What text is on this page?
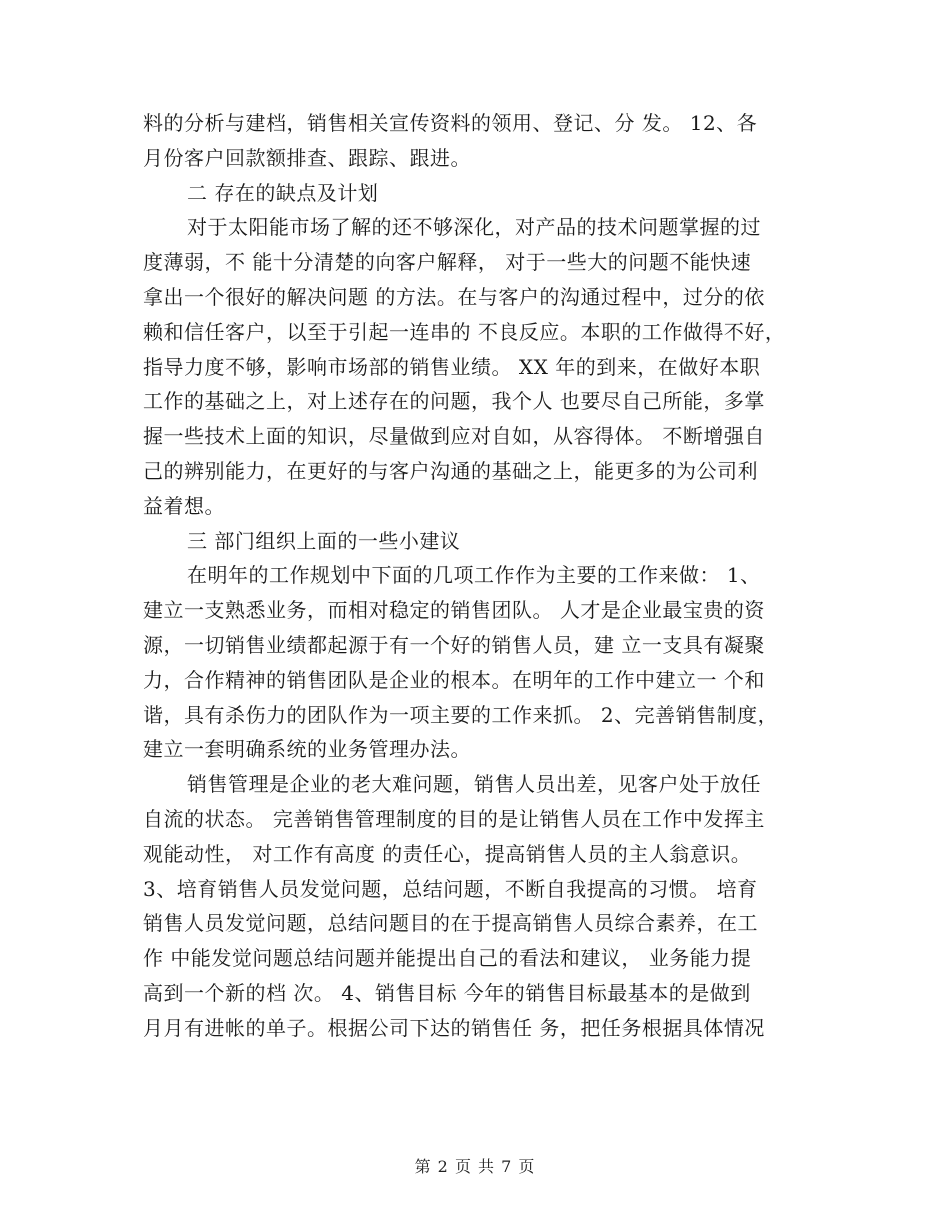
料的分析与建档，销售相关宣传资料的领用、登记、分 发。 12、各
月份客户回款额排查、跟踪、跟进。
二 存在的缺点及计划
对于太阳能市场了解的还不够深化，对产品的技术问题掌握的过
度薄弱，不 能十分清楚的向客户解释， 对于一些大的问题不能快速
拿出一个很好的解决问题 的方法。在与客户的沟通过程中，过分的依
赖和信任客户，以至于引起一连串的 不良反应。本职的工作做得不好，
指导力度不够，影响市场部的销售业绩。 XX 年的到来，在做好本职
工作的基础之上，对上述存在的问题，我个人 也要尽自己所能，多掌
握一些技术上面的知识，尽量做到应对自如，从容得体。 不断增强自
己的辨别能力，在更好的与客户沟通的基础之上，能更多的为公司利
益着想。
三 部门组织上面的一些小建议
在明年的工作规划中下面的几项工作作为主要的工作来做： 1、
建立一支熟悉业务，而相对稳定的销售团队。 人才是企业最宝贵的资
源，一切销售业绩都起源于有一个好的销售人员，建 立一支具有凝聚
力，合作精神的销售团队是企业的根本。在明年的工作中建立一 个和
谐，具有杀伤力的团队作为一项主要的工作来抓。 2、完善销售制度，
建立一套明确系统的业务管理办法。
销售管理是企业的老大难问题，销售人员出差，见客户处于放任
自流的状态。 完善销售管理制度的目的是让销售人员在工作中发挥主
观能动性， 对工作有高度 的责任心，提高销售人员的主人翁意识。
3、培育销售人员发觉问题，总结问题，不断自我提高的习惯。 培育
销售人员发觉问题，总结问题目的在于提高销售人员综合素养，在工
作 中能发觉问题总结问题并能提出自己的看法和建议， 业务能力提
高到一个新的档 次。 4、销售目标 今年的销售目标最基本的是做到
月月有进帐的单子。根据公司下达的销售任 务，把任务根据具体情况
第 2 页 共 7 页
